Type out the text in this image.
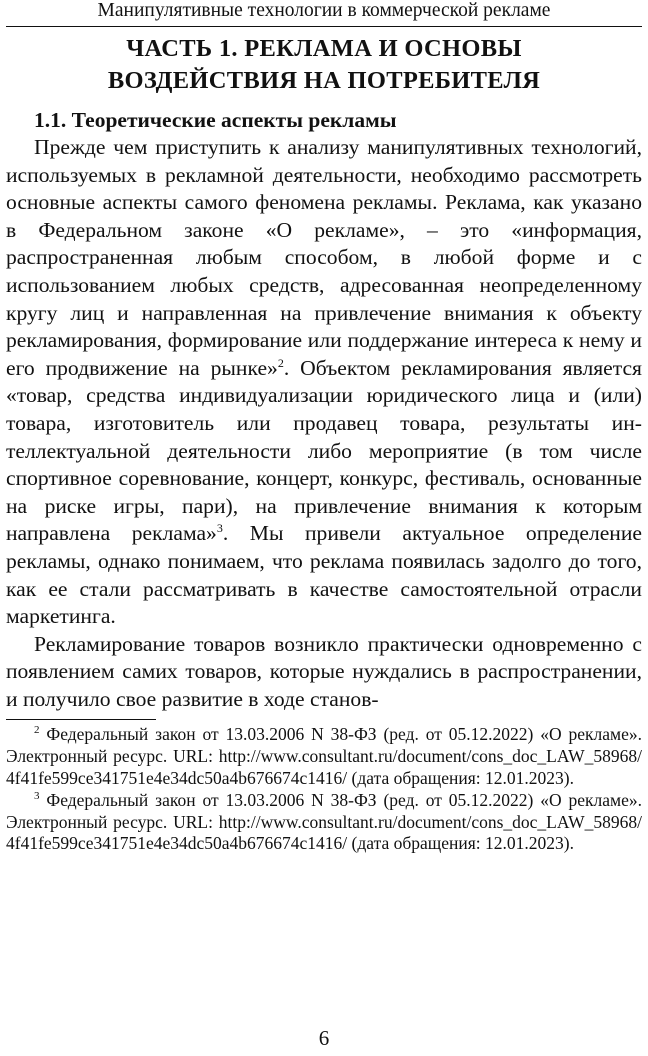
Манипулятивные технологии в коммерческой рекламе
ЧАСТЬ 1. РЕКЛАМА И ОСНОВЫ
ВОЗДЕЙСТВИЯ НА ПОТРЕБИТЕЛЯ
1.1. Теоретические аспекты рекламы

Прежде чем приступить к анализу манипулятивных технологий, используемых в рекламной деятельности, необходимо рассмотреть основные аспекты самого феномена рекламы. Реклама, как указано в Федеральном законе «О рекламе», – это «информация, распространенная любым способом, в любой форме и с использованием любых средств, адресованная неопределенному кругу лиц и направленная на привлечение внимания к объекту рекламирования, формирование или поддержание интереса к нему и его продвижение на рынке»$^2$. Объектом рекламирования является «товар, средства индивидуализации юридического лица и (или) товара, изготовитель или продавец товара, результаты интеллектуальной деятельности либо мероприятие (в том числе спортивное соревнование, концерт, конкурс, фестиваль, основанные на риске игры, пари), на привлечение внимания к которым направлена реклама»$^3$. Мы привели актуальное определение рекламы, однако понимаем, что реклама появилась задолго до того, как ее стали рассматривать в качестве самостоятельной отрасли маркетинга.

Рекламирование товаров возникло практически одновременно с появлением самих товаров, которые нуждались в распространении, и получило свое развитие в ходе станов-

$^2$ Федеральный закон от 13.03.2006 N 38-ФЗ (ред. от 05.12.2022) «О рекламе». Электронный ресурс. URL: http://www.consultant.ru/​document/​cons_doc_LAW_58968/​4f41fe599ce341751e4e34dc50a4b67667​4c1416/ (дата обращения: 12.01.2023).

$^3$ Федеральный закон от 13.03.2006 N 38-ФЗ (ред. от 05.12.2022) «О рекламе». Электронный ресурс. URL: http://www.consultant.ru/​document/​cons_doc_LAW_58968/​4f41fe599ce341751e4e34dc50a4b67667​4c1416/ (дата обращения: 12.01.2023).

6
